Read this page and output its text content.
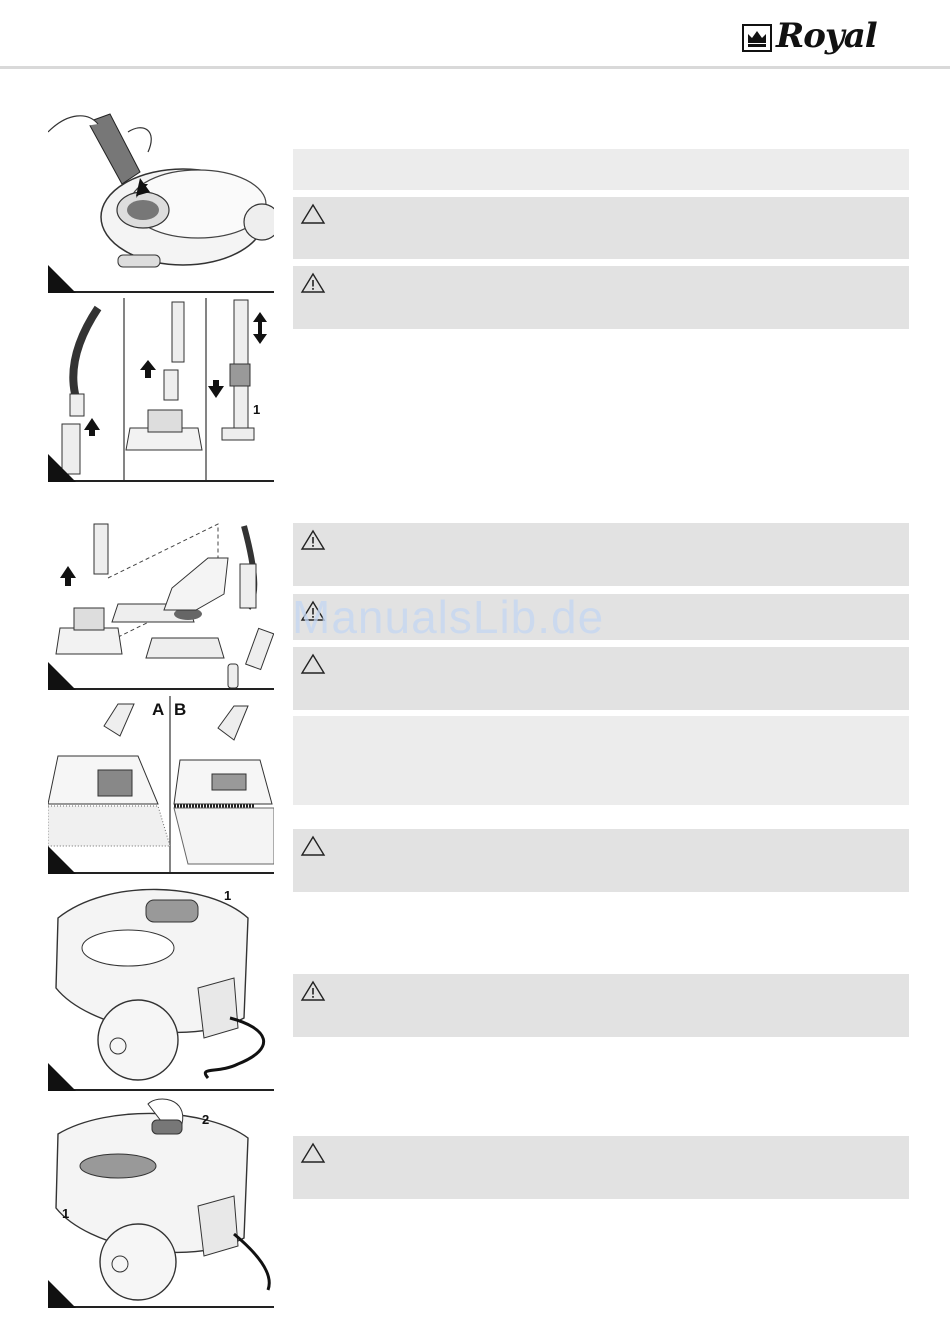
Royal
1
A B
1
2
1
ManualsLib.de
